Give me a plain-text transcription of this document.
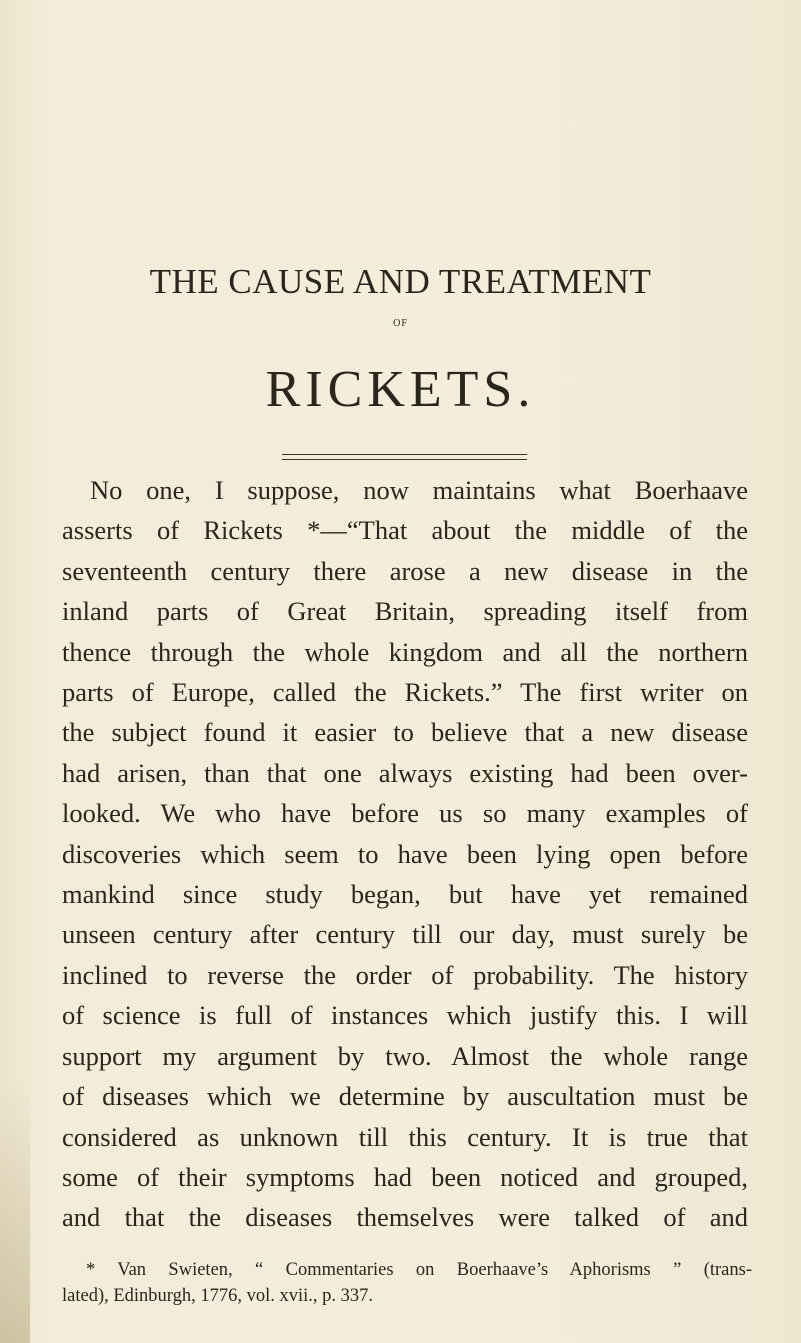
THE CAUSE AND TREATMENT
OF
RICKETS.
No one, I suppose, now maintains what Boerhaave
asserts of Rickets *—“That about the middle of the
seventeenth century there arose a new disease in the
inland parts of Great Britain, spreading itself from
thence through the whole kingdom and all the northern
parts of Europe, called the Rickets.” The first writer on
the subject found it easier to believe that a new disease
had arisen, than that one always existing had been over-
looked. We who have before us so many examples of
discoveries which seem to have been lying open before
mankind since study began, but have yet remained
unseen century after century till our day, must surely be
inclined to reverse the order of probability. The history
of science is full of instances which justify this. I will
support my argument by two. Almost the whole range
of diseases which we determine by auscultation must be
considered as unknown till this century. It is true that
some of their symptoms had been noticed and grouped,
and that the diseases themselves were talked of and
* Van Swieten, “ Commentaries on Boerhaave’s Aphorisms ” (trans-
lated), Edinburgh, 1776, vol. xvii., p. 337.
